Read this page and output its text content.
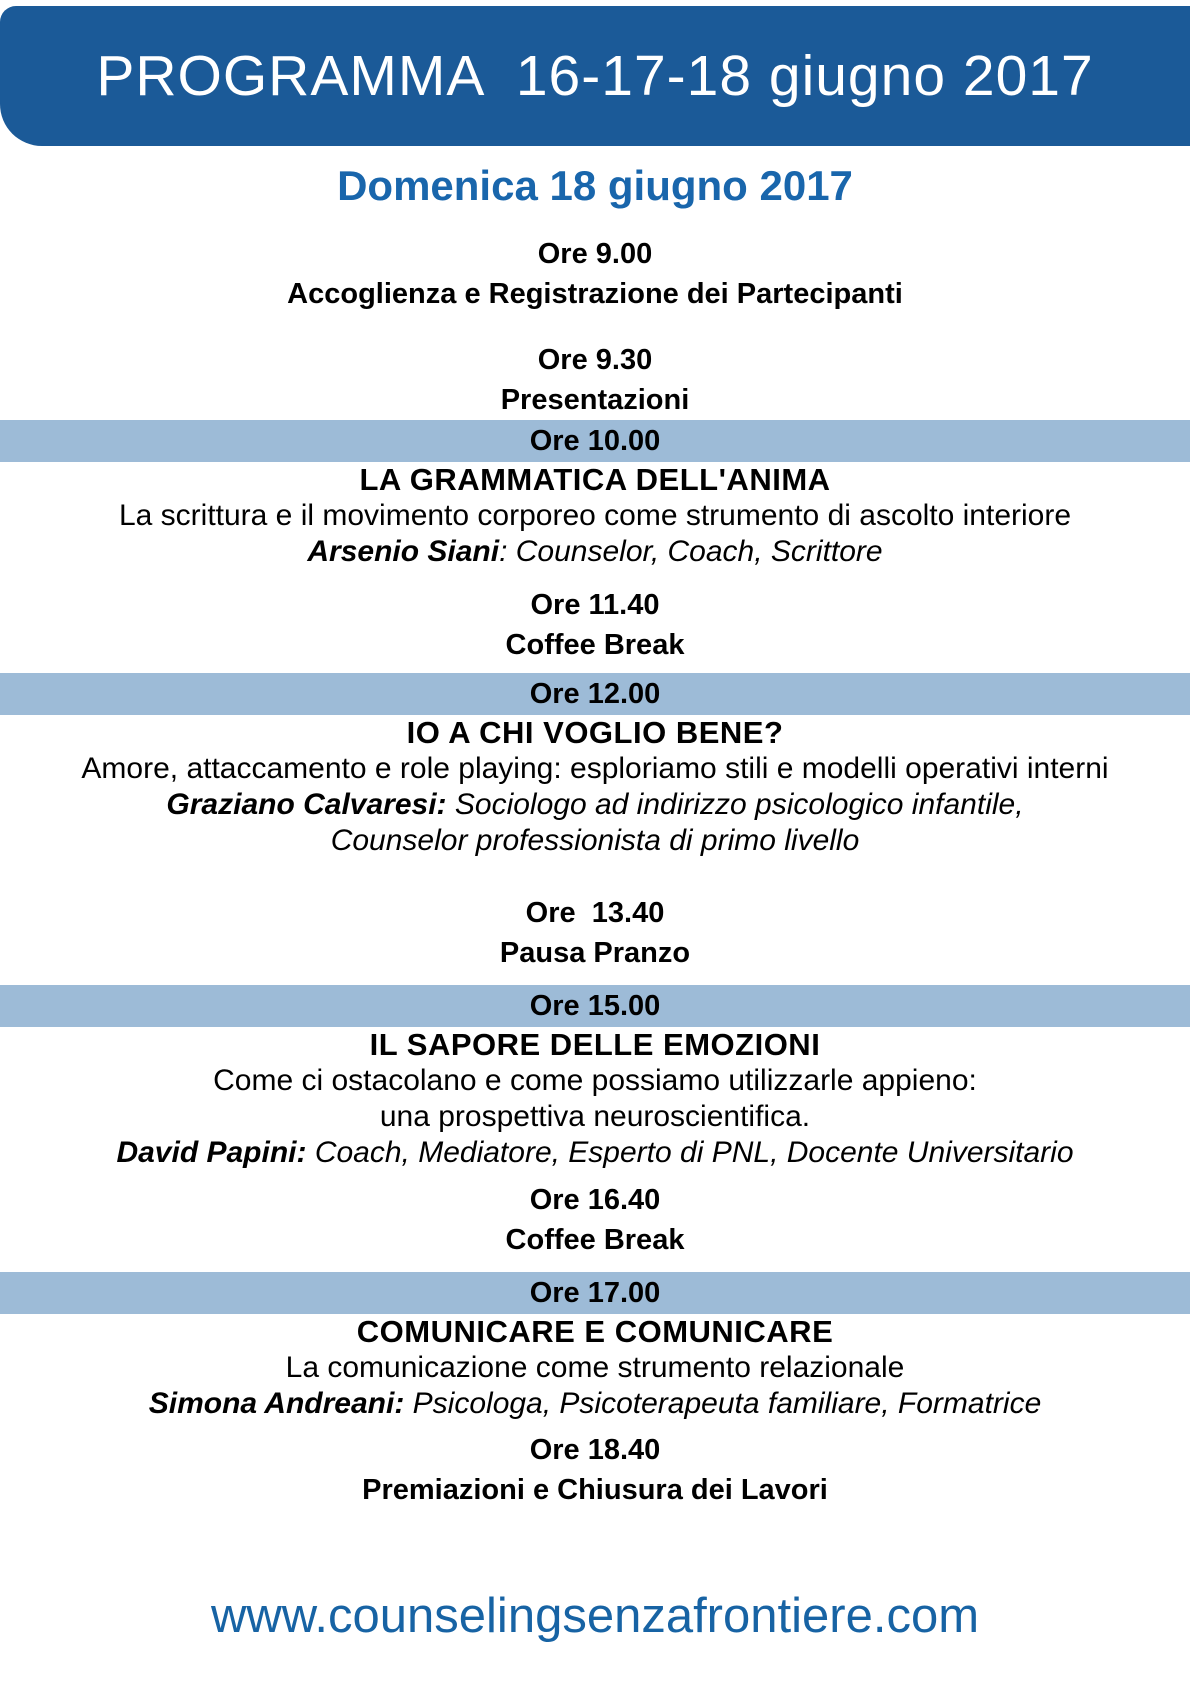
PROGRAMMA  16-17-18 giugno 2017
Domenica 18 giugno 2017
Ore 9.00
Accoglienza e Registrazione dei Partecipanti
Ore 9.30
Presentazioni
Ore 10.00
LA GRAMMATICA DELL'ANIMA
La scrittura e il movimento corporeo come strumento di ascolto interiore
Arsenio Siani: Counselor, Coach, Scrittore
Ore 11.40
Coffee Break
Ore 12.00
IO A CHI VOGLIO BENE?
Amore, attaccamento e role playing: esploriamo stili e modelli operativi interni
Graziano Calvaresi: Sociologo ad indirizzo psicologico infantile,
Counselor professionista di primo livello
Ore  13.40
Pausa Pranzo
Ore 15.00
IL SAPORE DELLE EMOZIONI
Come ci ostacolano e come possiamo utilizzarle appieno:
una prospettiva neuroscientifica.
David Papini: Coach, Mediatore, Esperto di PNL, Docente Universitario
Ore 16.40
Coffee Break
Ore 17.00
COMUNICARE E COMUNICARE
La comunicazione come strumento relazionale
Simona Andreani: Psicologa, Psicoterapeuta familiare, Formatrice
Ore 18.40
Premiazioni e Chiusura dei Lavori
www.counselingsenzafrontiere.com
